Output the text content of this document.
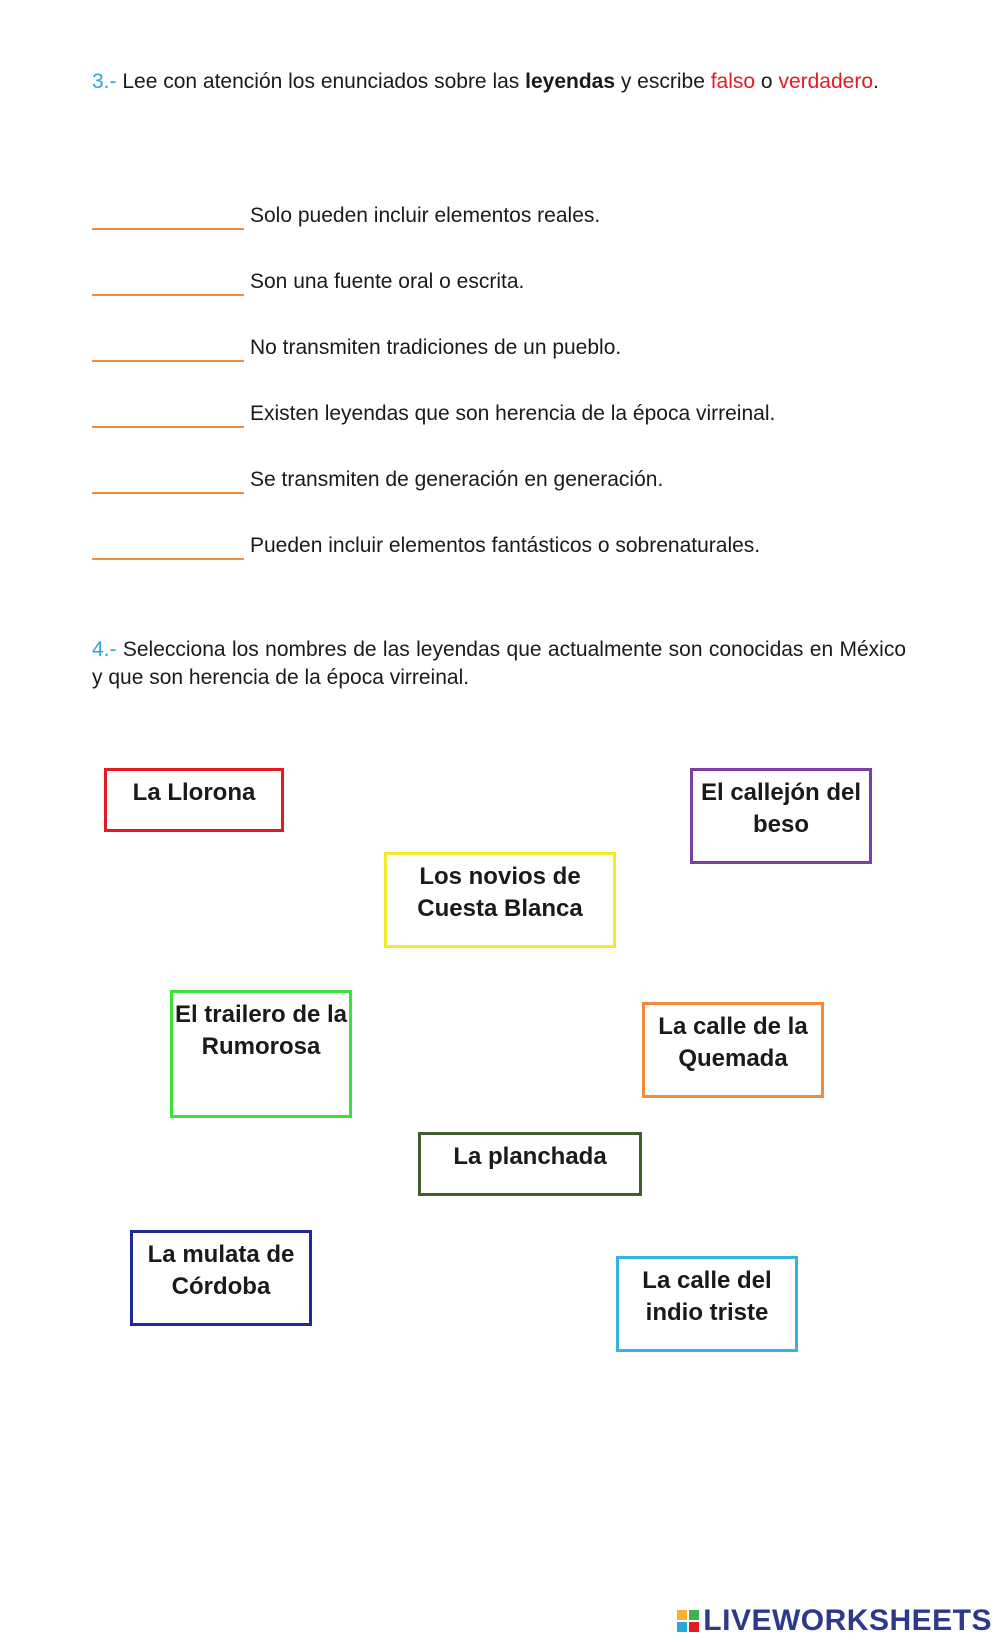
3.- Lee con atención los enunciados sobre las leyendas y escribe falso o verdadero.
Solo pueden incluir elementos reales.
Son una fuente oral o escrita.
No transmiten tradiciones de un pueblo.
Existen leyendas que son herencia de la época virreinal.
Se transmiten de generación en generación.
Pueden incluir elementos fantásticos o sobrenaturales.
4.- Selecciona los nombres de las leyendas que actualmente son conocidas en México y que son herencia de la época virreinal.
La Llorona	El callejón del beso
Los novios de Cuesta Blanca
El trailero de la Rumorosa
La calle de la Quemada
La planchada
La mulata de Córdoba	La calle del indio triste
LIVEWORKSHEETS
